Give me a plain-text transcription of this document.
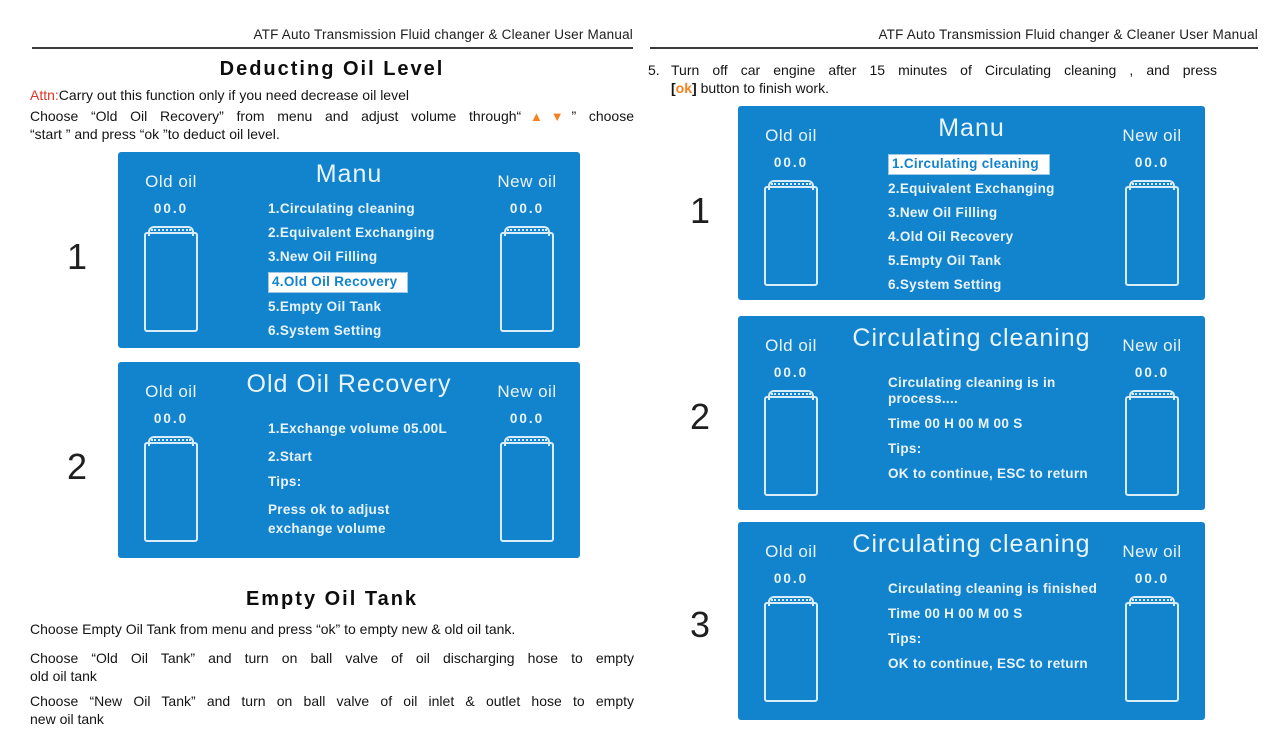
ATF Auto Transmission Fluid changer & Cleaner User Manual
Deducting Oil Level
Attn:Carry out this function only if you need decrease oil level
Choose “Old Oil Recovery” from menu and adjust volume through“▲▼” choose
“start ” and press “ok ”to deduct oil level.
1
Old oil
00.0
Manu
1.Circulating cleaning
2.Equivalent Exchanging
3.New Oil Filling
4.Old Oil Recovery
5.Empty Oil Tank
6.System Setting
New oil
00.0
2
Old oil
00.0
Old Oil Recovery
1.Exchange volume 05.00L
2.Start
Tips:
Press ok to adjust
exchange volume
New oil
00.0
Empty Oil Tank
Choose Empty Oil Tank from menu and press “ok” to empty new & old oil tank.
Choose “Old Oil Tank” and turn on ball valve of oil discharging hose to empty
old oil tank
Choose “New Oil Tank” and turn on ball valve of oil inlet & outlet hose to empty
new oil tank
ATF Auto Transmission Fluid changer & Cleaner User Manual
5. Turn off car engine after 15 minutes of Circulating cleaning , and press
[ok] button to finish work.
1
Old oil
00.0
Manu
1.Circulating cleaning
2.Equivalent Exchanging
3.New Oil Filling
4.Old Oil Recovery
5.Empty Oil Tank
6.System Setting
New oil
00.0
2
Old oil
00.0
Circulating cleaning
Circulating cleaning is in process....
Time 00 H 00 M 00 S
Tips:
OK to continue, ESC to return
New oil
00.0
3
Old oil
00.0
Circulating cleaning
Circulating cleaning is finished
Time 00 H 00 M 00 S
Tips:
OK to continue, ESC to return
New oil
00.0
